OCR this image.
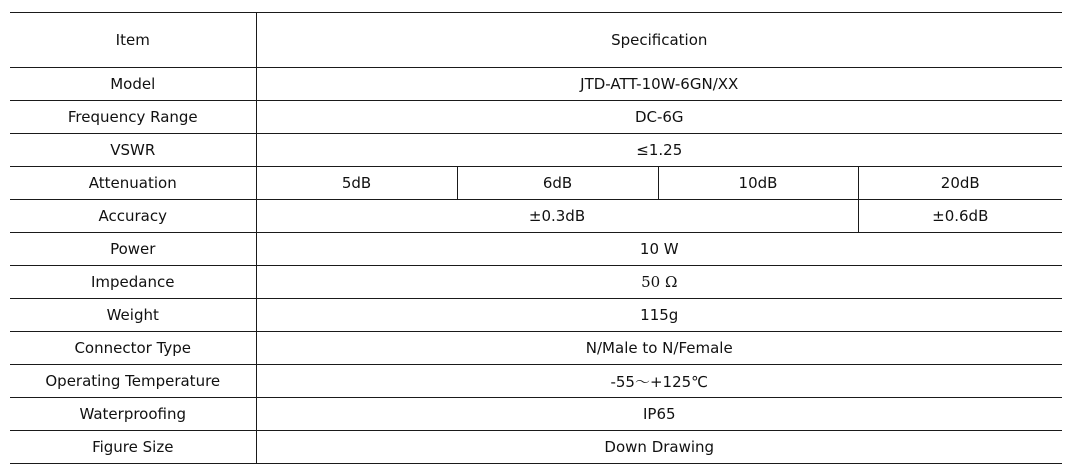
Item	Specification			
Model	JTD-ATT-10W-6GN/XX			
Frequency Range	DC-6G			
VSWR	≤1.25			
Attenuation	5dB	6dB	10dB	20dB
Accuracy	±0.3dB			±0.6dB
Power	10 W			
Impedance	50 Ω			
Weight	115g			
Connector Type	N/Male to N/Female			
Operating Temperature	-55～+125℃			
Waterproofing	IP65			
Figure Size	Down Drawing			
